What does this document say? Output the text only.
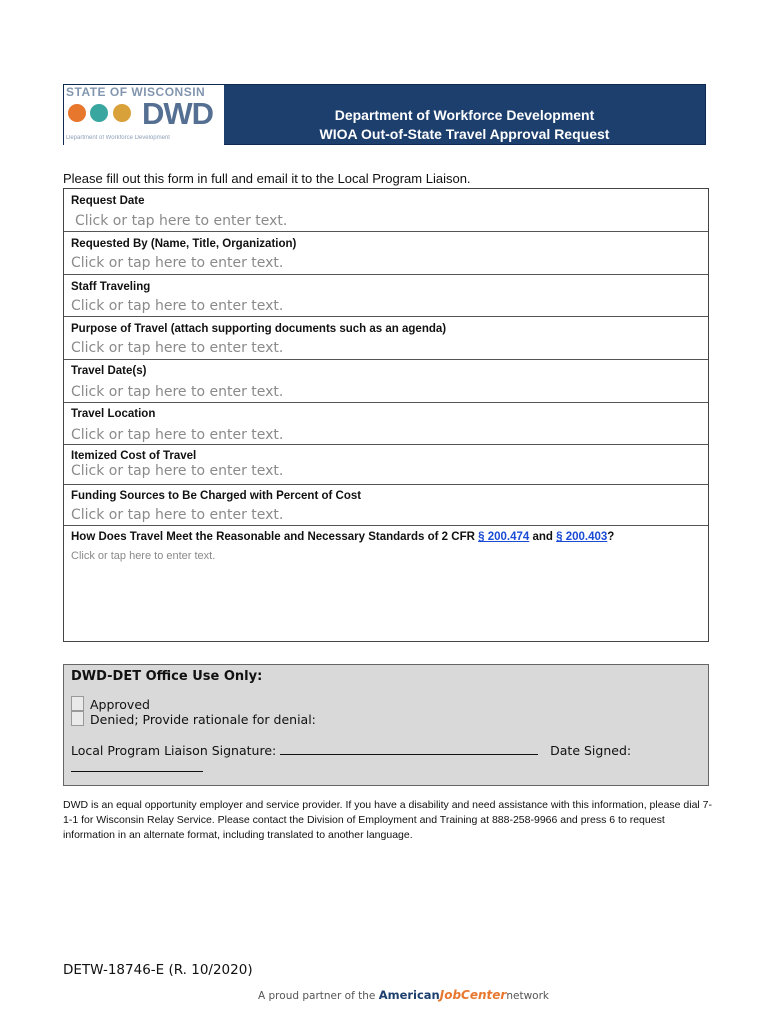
STATE OF WISCONSIN

DWD
Department of Workforce Development
Department of Workforce Development
WIOA Out-of-State Travel Approval Request
Please fill out this form in full and email it to the Local Program Liaison.
Request Date
Click or tap here to enter text.
Requested By (Name, Title, Organization)
Click or tap here to enter text.
Staff Traveling
Click or tap here to enter text.
Purpose of Travel (attach supporting documents such as an agenda)
Click or tap here to enter text.
Travel Date(s)
Click or tap here to enter text.
Travel Location
Click or tap here to enter text.
Itemized Cost of Travel
Click or tap here to enter text.
Funding Sources to Be Charged with Percent of Cost
Click or tap here to enter text.
How Does Travel Meet the Reasonable and Necessary Standards of 2 CFR § 200.474 and § 200.403?
Click or tap here to enter text.
DWD-DET Office Use Only:
Approved
Denied; Provide rationale for denial:
Local Program Liaison Signature:	Date Signed:
DWD is an equal opportunity employer and service provider. If you have a disability and need assistance with this information, please dial 7-1-1 for Wisconsin Relay Service. Please contact the Division of Employment and Training at 888-258-9966 and press 6 to request information in an alternate format, including translated to another language.
DETW-18746-E (R. 10/2020)
A proud partner of the AmericanJobCenternetwork
